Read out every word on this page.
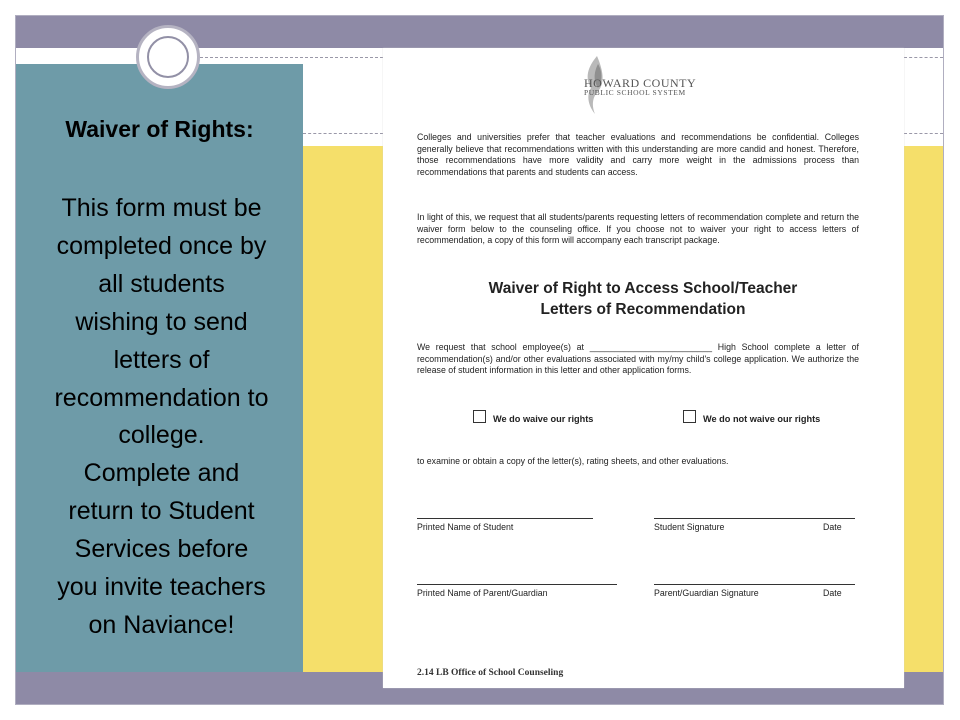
Waiver of Rights:
This form must be
completed once by
all students
wishing to send
letters of
recommendation to
college.
Complete and
return to Student
Services before
you invite teachers
on Naviance!
HOWARD COUNTY
PUBLIC SCHOOL SYSTEM
Colleges and universities prefer that teacher evaluations and recommendations be confidential. Colleges generally believe that recommendations written with this understanding are more candid and honest. Therefore, those recommendations have more validity and carry more weight in the admissions process than recommendations that parents and students can access.
In light of this, we request that all students/parents requesting letters of recommendation complete and return the waiver form below to the counseling office. If you choose not to waiver your right to access letters of recommendation, a copy of this form will accompany each transcript package.
Waiver of Right to Access School/Teacher
Letters of Recommendation
We request that school employee(s) at _________________________ High School complete a letter of recommendation(s) and/or other evaluations associated with my/my child's college application. We authorize the release of student information in this letter and other application forms.
We do waive our rights	We do not waive our rights
to examine or obtain a copy of the letter(s), rating sheets, and other evaluations.
Printed Name of Student	Student Signature	Date
Printed Name of Parent/Guardian	Parent/Guardian Signature	Date
2.14 LB Office of School Counseling
